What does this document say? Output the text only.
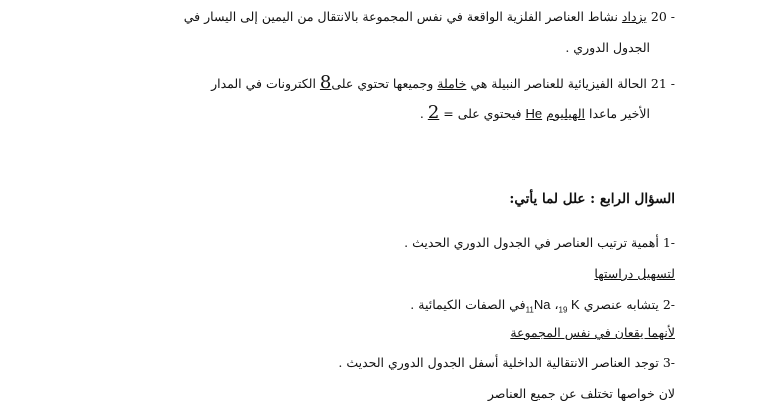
20 - يزداد نشاط العناصر الفلزية الواقعة في نفس المجموعة بالانتقال من اليمين إلى اليسار في
الجدول الدوري .
21 - الحالة الفيزيائية للعناصر النبيلة هي خاملة وجميعها تحتوي على8 الكترونات في المدار
الأخير ماعدا الهيليوم He فيحتوي على = 2 .
السؤال الرابع : علل لما يأتي:
1- أهمية ترتيب العناصر في الجدول الدوري الحديث .
لتسهيل دراستها
2- يتشابه عنصري $_{19}$ K، $_{11}$Naفي الصفات الكيمائية .
لأنهما يقعان في نفس المجموعة
3- توجد العناصر الانتقالية الداخلية أسفل الجدول الدوري الحديث .
لان خواصها تختلف عن جميع العناصر
